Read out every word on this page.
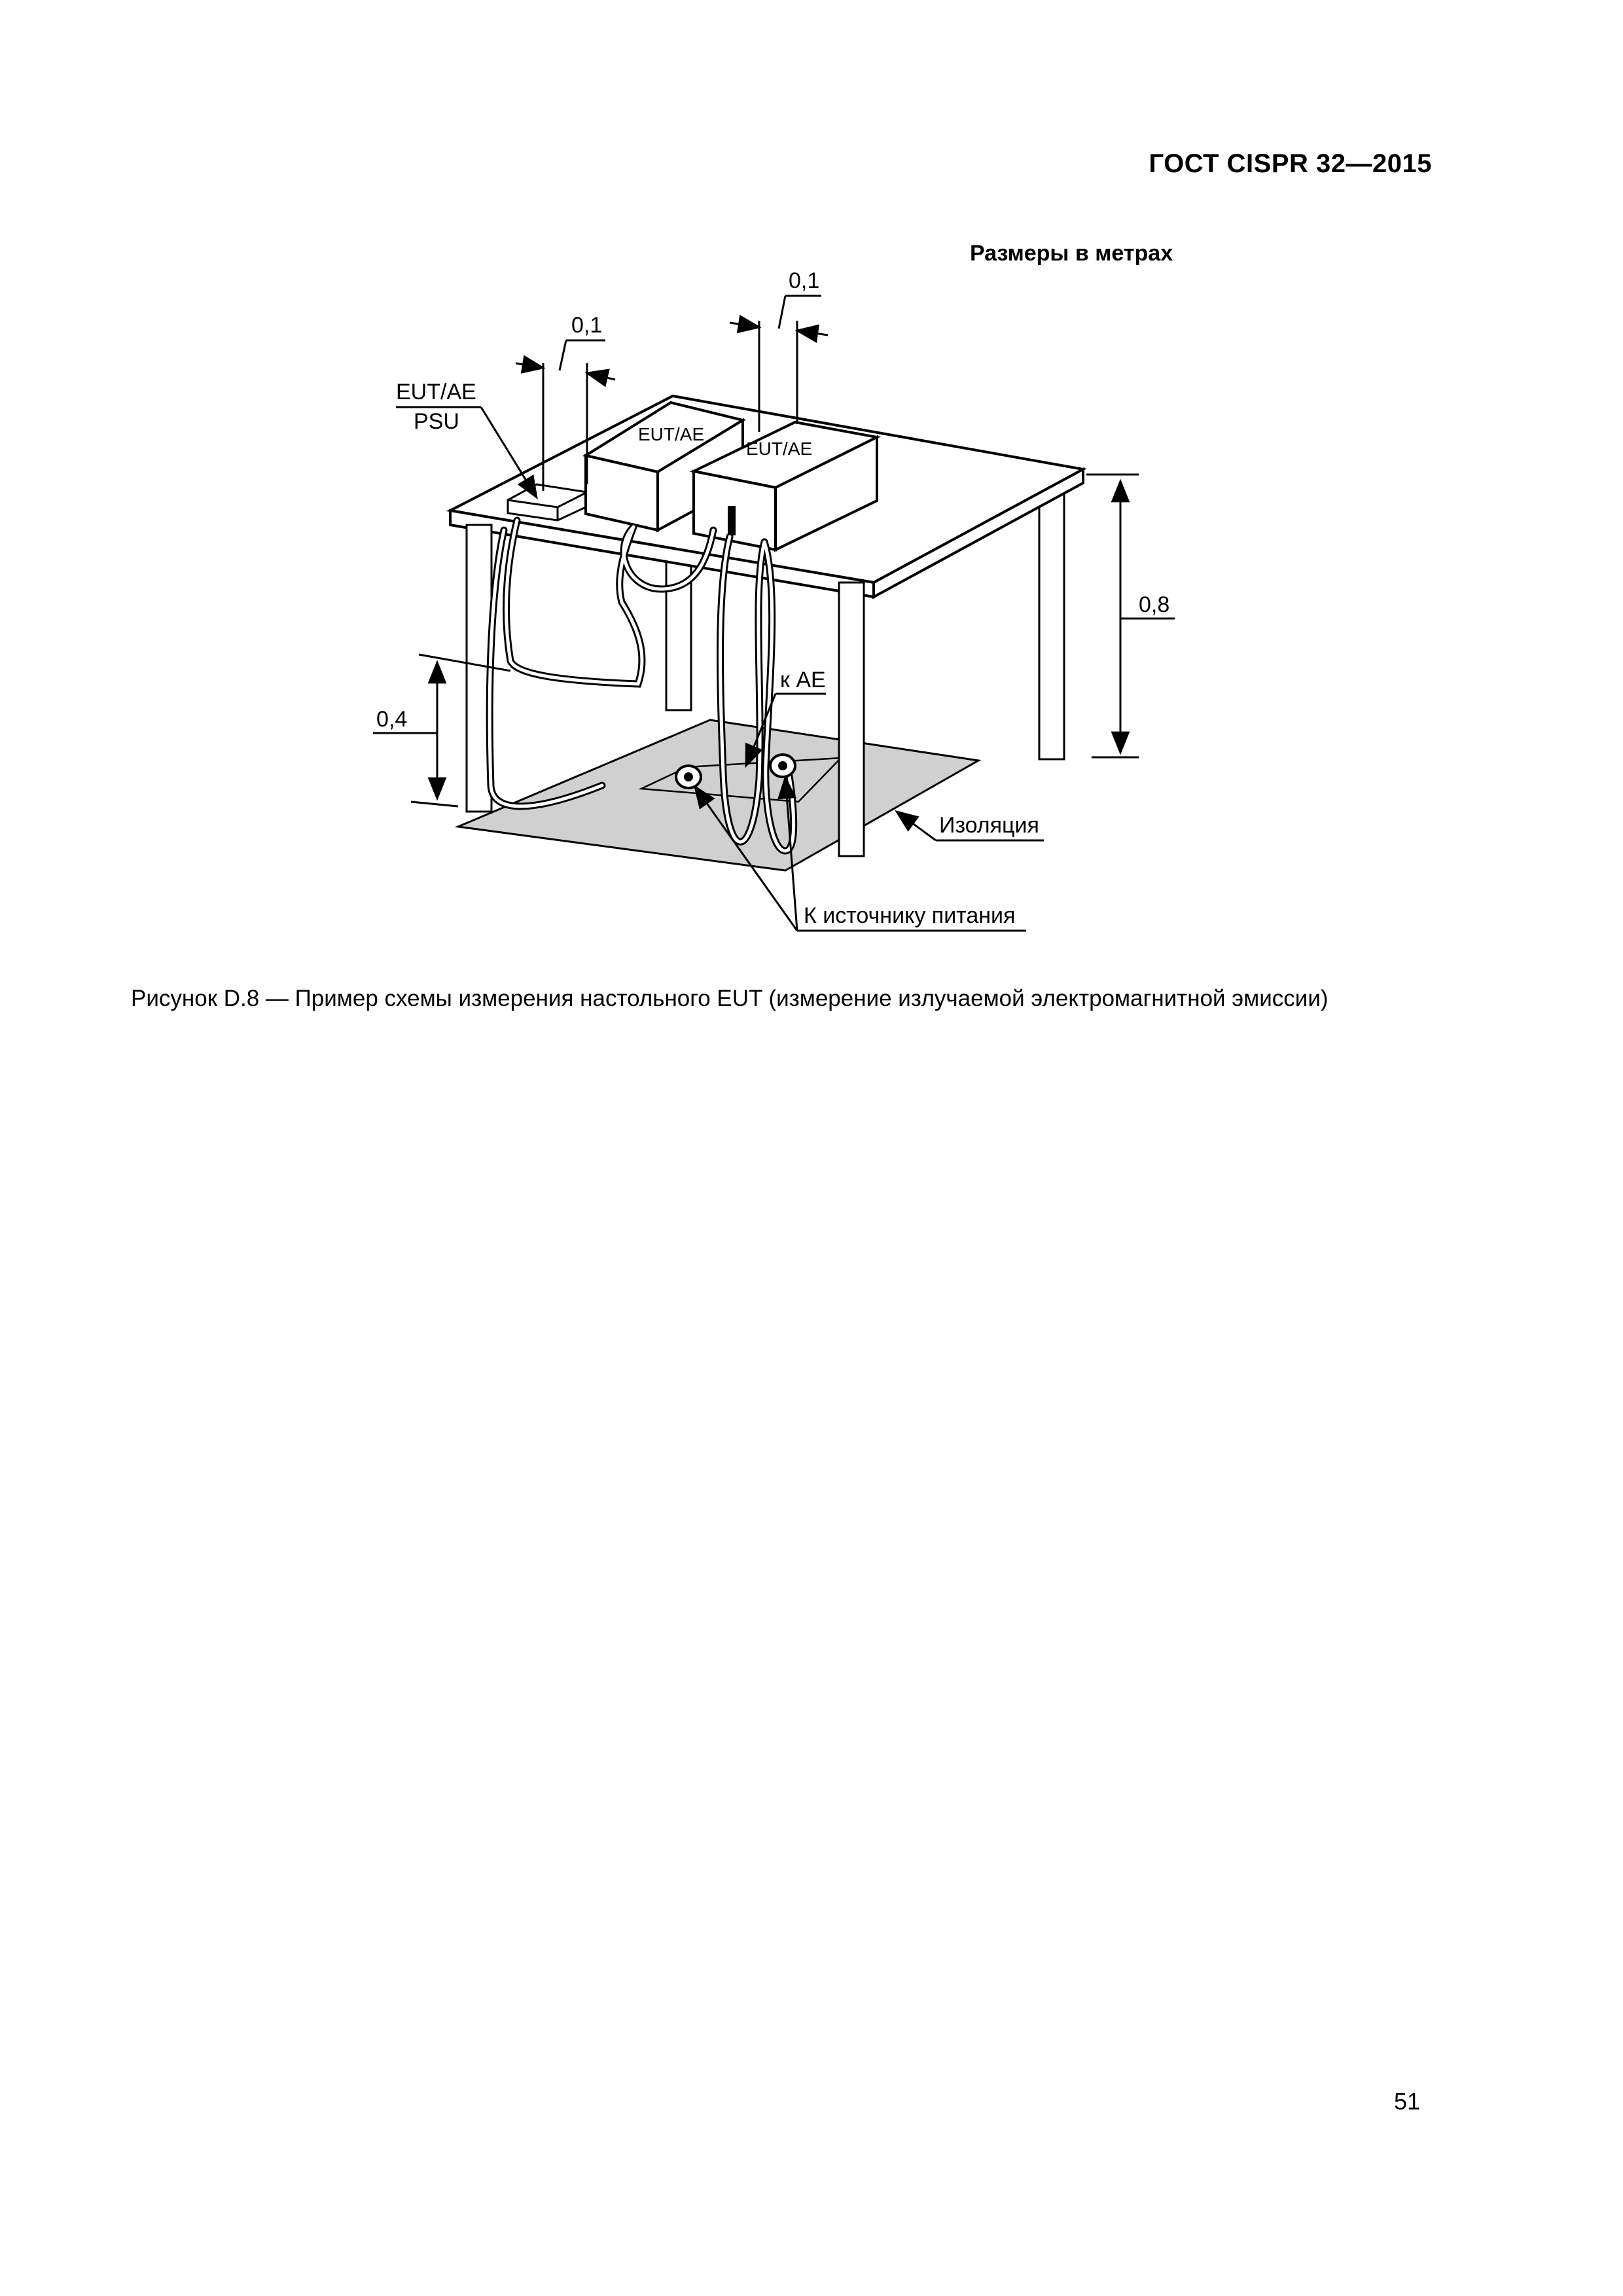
ГОСТ CISPR 32—2015
Размеры в метрах
0,1
0,1
0,8
0,4
EUT/AE
PSU
EUT/AE
EUT/AE
к AE
Изоляция
К источнику питания
Рисунок D.8 — Пример схемы измерения настольного EUT (измерение излучаемой электромагнитной эмиссии)
51
